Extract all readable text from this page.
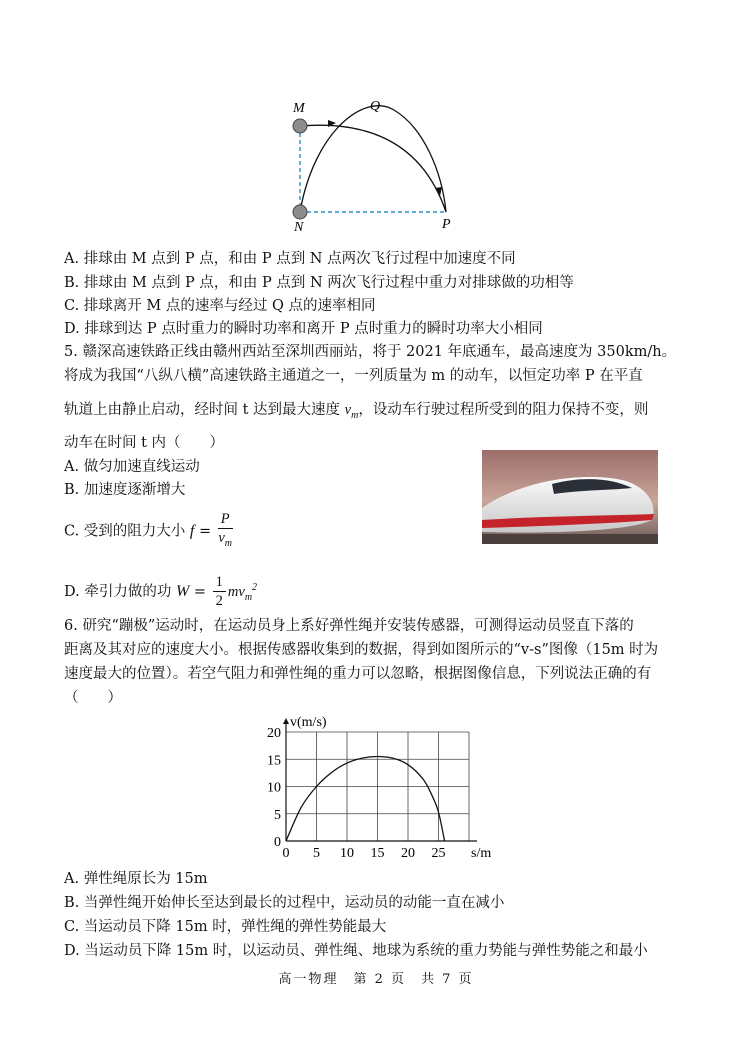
M	Q
N	P
A. 排球由 M 点到 P 点，和由 P 点到 N 点两次飞行过程中加速度不同
B. 排球由 M 点到 P 点，和由 P 点到 N 两次飞行过程中重力对排球做的功相等
C. 排球离开 M 点的速率与经过 Q 点的速率相同
D. 排球到达 P 点时重力的瞬时功率和离开 P 点时重力的瞬时功率大小相同
5. 赣深高速铁路正线由赣州西站至深圳西丽站，将于 2021 年底通车，最高速度为 350km/h。
将成为我国“八纵八横”高速铁路主通道之一，一列质量为 m 的动车，以恒定功率 P 在平直
轨道上由静止启动，经时间 t 达到最大速度 $v_m$，设动车行驶过程所受到的阻力保持不变，则
动车在时间 t 内（　　）
A. 做匀加速直线运动
B. 加速度逐渐增大
C. 受到的阻力大小 $f = \frac{P}{v_m}$
D. 牵引力做的功 $W = \frac{1}{2} mv_m^2$
6. 研究“蹦极”运动时，在运动员身上系好弹性绳并安装传感器，可测得运动员竖直下落的
距离及其对应的速度大小。根据传感器收集到的数据，得到如图所示的“v-s”图像（15m 时为
速度最大的位置）。若空气阻力和弹性绳的重力可以忽略，根据图像信息，下列说法正确的有
（　　）
0 5 10 15 20 25
0
5
10
15
20
s/m
v(m/s)
A. 弹性绳原长为 15m
B. 当弹性绳开始伸长至达到最长的过程中，运动员的动能一直在减小
C. 当运动员下降 15m 时，弹性绳的弹性势能最大
D. 当运动员下降 15m 时，以运动员、弹性绳、地球为系统的重力势能与弹性势能之和最小
高一物理　第 2 页　共 7 页
